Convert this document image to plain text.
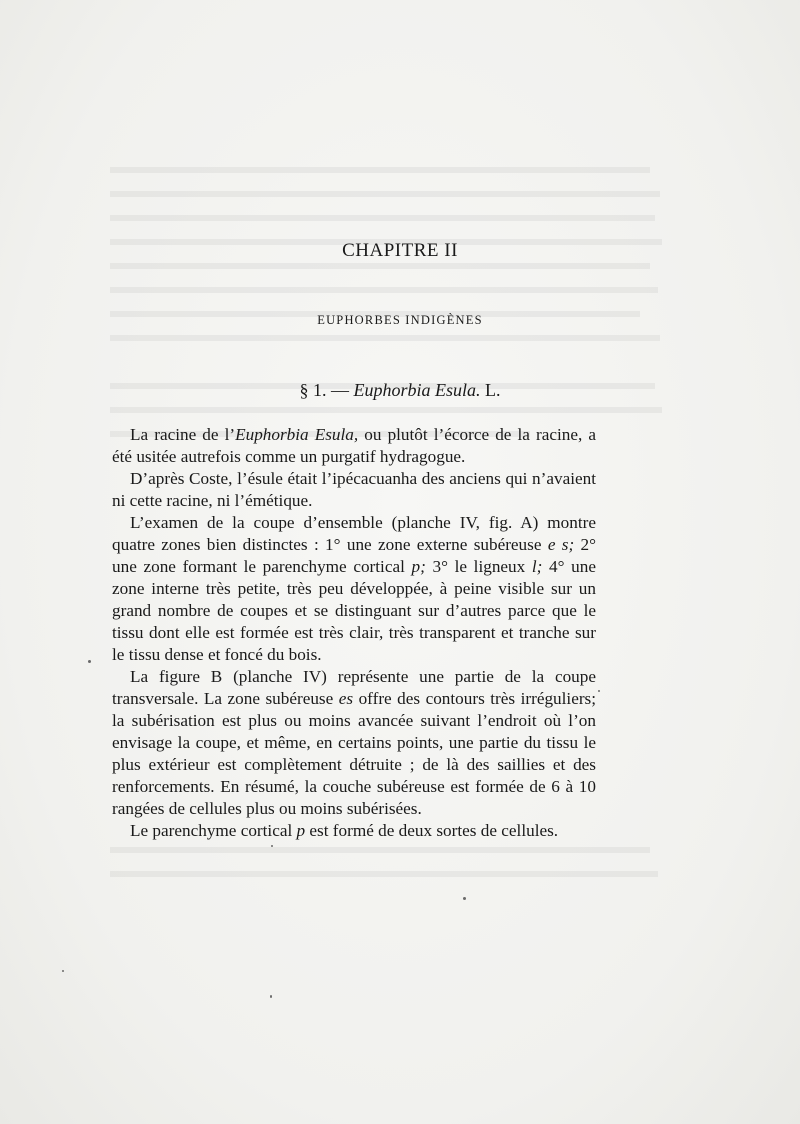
CHAPITRE II
EUPHORBES INDIGÈNES
§ 1. — Euphorbia Esula. L.

La racine de l’Euphorbia Esula, ou plutôt l’écorce de la racine, a été usitée autrefois comme un purgatif hydragogue.

D’après Coste, l’ésule était l’ipécacuanha des anciens qui n’avaient ni cette racine, ni l’émétique.

L’examen de la coupe d’ensemble (planche IV, fig. A) montre quatre zones bien distinctes : 1° une zone externe subéreuse e s; 2° une zone formant le parenchyme cortical p; 3° le ligneux l; 4° une zone interne très petite, très peu développée, à peine visible sur un grand nombre de coupes et se distinguant sur d’autres parce que le tissu dont elle est formée est très clair, très transparent et tranche sur le tissu dense et foncé du bois.

La figure B (planche IV) représente une partie de la coupe transversale. La zone subéreuse es offre des contours très irréguliers; la subérisation est plus ou moins avancée suivant l’endroit où l’on envisage la coupe, et même, en certains points, une partie du tissu le plus extérieur est complètement détruite ; de là des saillies et des renforcements. En résumé, la couche subéreuse est formée de 6 à 10 rangées de cellules plus ou moins subérisées.

Le parenchyme cortical p est formé de deux sortes de cellules.
